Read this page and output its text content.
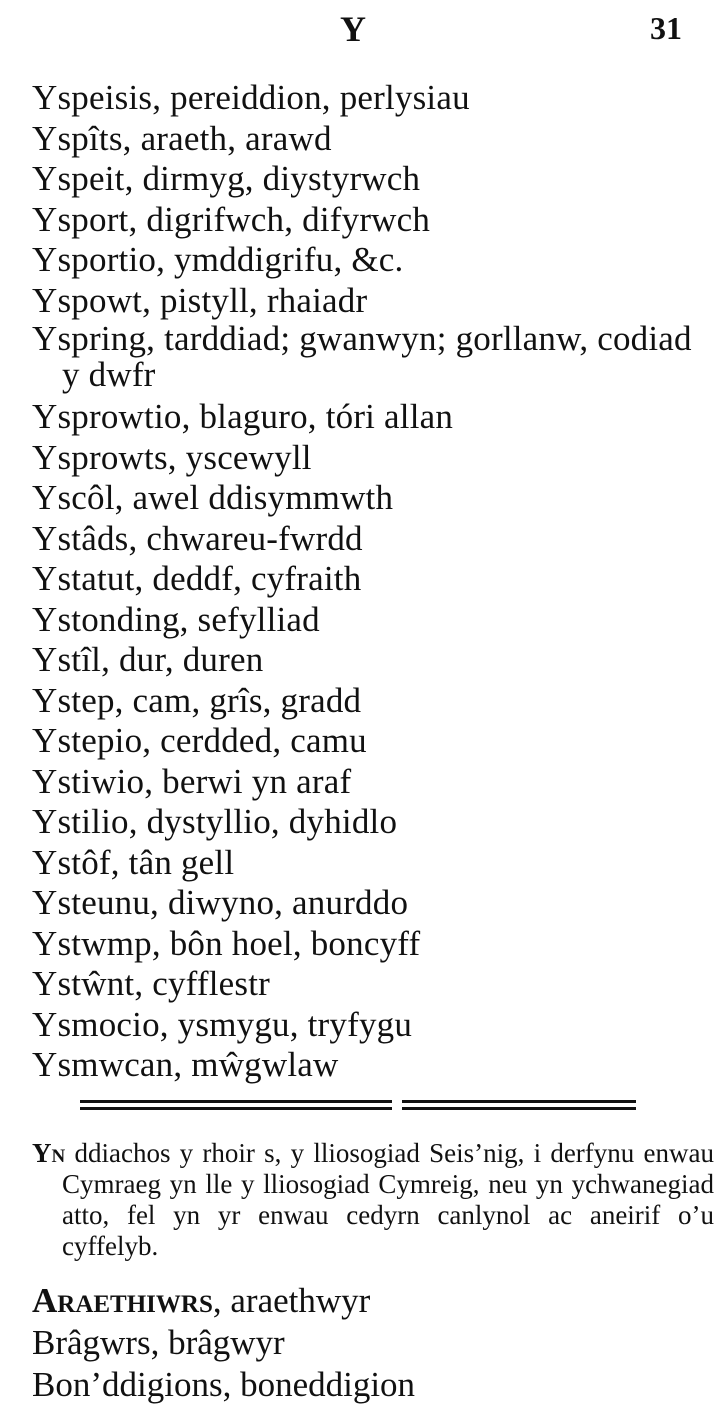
Y	31
Yspeisis, pereiddion, perlysiau
Yspîts, araeth, arawd
Yspeit, dirmyg, diystyrwch
Ysport, digrifwch, difyrwch
Ysportio, ymddigrifu, &c.
Yspowt, pistyll, rhaiadr
Yspring, tarddiad; gwanwyn; gorllanw, codiad y dwfr
Ysprowtio, blaguro, tóri allan
Ysprowts, yscewyll
Yscôl, awel ddisymmwth
Ystâds, chwareu-fwrdd
Ystatut, deddf, cyfraith
Ystonding, sefylliad
Ystîl, dur, duren
Ystep, cam, grîs, gradd
Ystepio, cerdded, camu
Ystiwio, berwi yn araf
Ystilio, dystyllio, dyhidlo
Ystôf, tân gell
Ysteunu, diwyno, anurddo
Ystwmp, bôn hoel, boncyff
Ystŵnt, cyfflestr
Ysmocio, ysmygu, tryfygu
Ysmwcan, mŵgwlaw

Yn ddiachos y rhoir s, y lliosogiad Seis’nig, i derfynu enwau Cymraeg yn lle y lliosogiad Cymreig, neu yn ychwanegiad atto, fel yn yr enwau cedyrn canlynol ac aneirif o’u cyffelyb.

Araethiwrs, araethwyr
Brâgwrs, brâgwyr
Bon’ddigions, boneddigion
